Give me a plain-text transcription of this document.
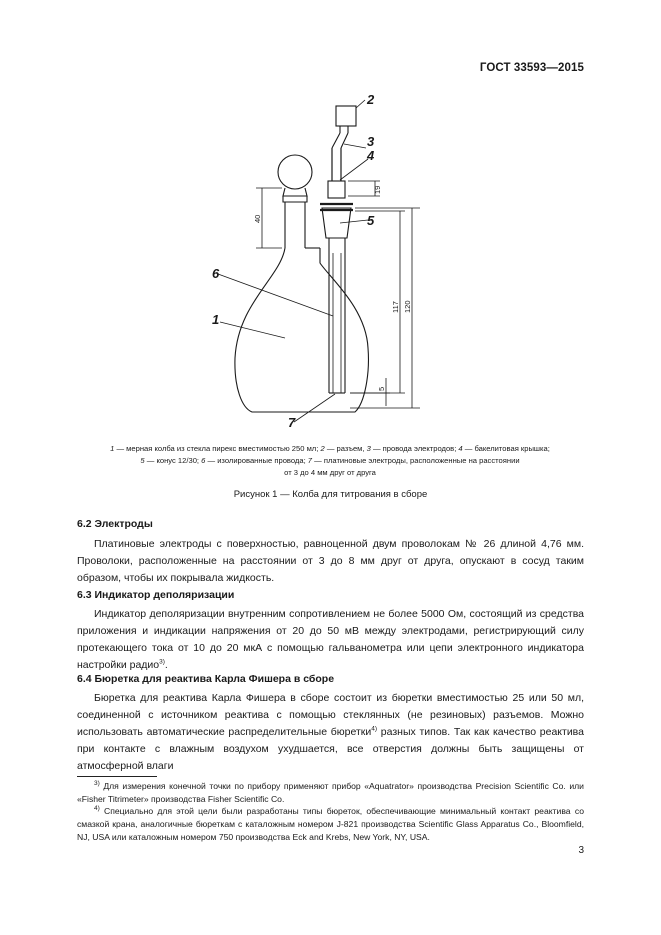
ГОСТ 33593—2015
1
2
3
4
5
6
7
40
19
117 120
5
1 — мерная колба из стекла пирекс вместимостью 250 мл; 2 — разъем, 3 — провода электродов; 4 — бакелитовая крышка;
5 — конус 12/30; 6 — изолированные провода; 7 — платиновые электроды, расположенные на расстоянии
от 3 до 4 мм друг от друга
Рисунок 1 — Колба для титрования в сборе
6.2 Электроды

Платиновые электроды с поверхностью, равноценной двум проволокам № 26 длиной 4,76 мм. Проволоки, расположенные на расстоянии от 3 до 8 мм друг от друга, опускают в сосуд таким образом, чтобы их покрывала жидкость.

6.3 Индикатор деполяризации

Индикатор деполяризации внутренним сопротивлением не более 5000 Ом, состоящий из средства приложения и индикации напряжения от 20 до 50 мВ между электродами, регистрирующий силу протекающего тока от 10 до 20 мкА с помощью гальванометра или цепи электронного индикатора настройки радио$^{3)}$.

6.4 Бюретка для реактива Карла Фишера в сборе

Бюретка для реактива Карла Фишера в сборе состоит из бюретки вместимостью 25 или 50 мл, соединенной с источником реактива с помощью стеклянных (не резиновых) разъемов. Можно использовать автоматические распределительные бюретки$^{4)}$ разных типов. Так как качество реактива при контакте с влажным воздухом ухудшается, все отверстия должны быть защищены от атмосферной влаги

$^{3)}$ Для измерения конечной точки по прибору применяют прибор «Aquatrator» производства Precision Scientific Co. или «Fisher Titrimeter» производства Fisher Scientific Co.

$^{4)}$ Специально для этой цели были разработаны типы бюреток, обеспечивающие минимальный контакт реактива со смазкой крана, аналогичные бюреткам с каталожным номером J-821 производства Scientific Glass Apparatus Co., Bloomfield, NJ, USA или каталожным номером 750 производства Eck and Krebs, New York, NY, USA.

3
